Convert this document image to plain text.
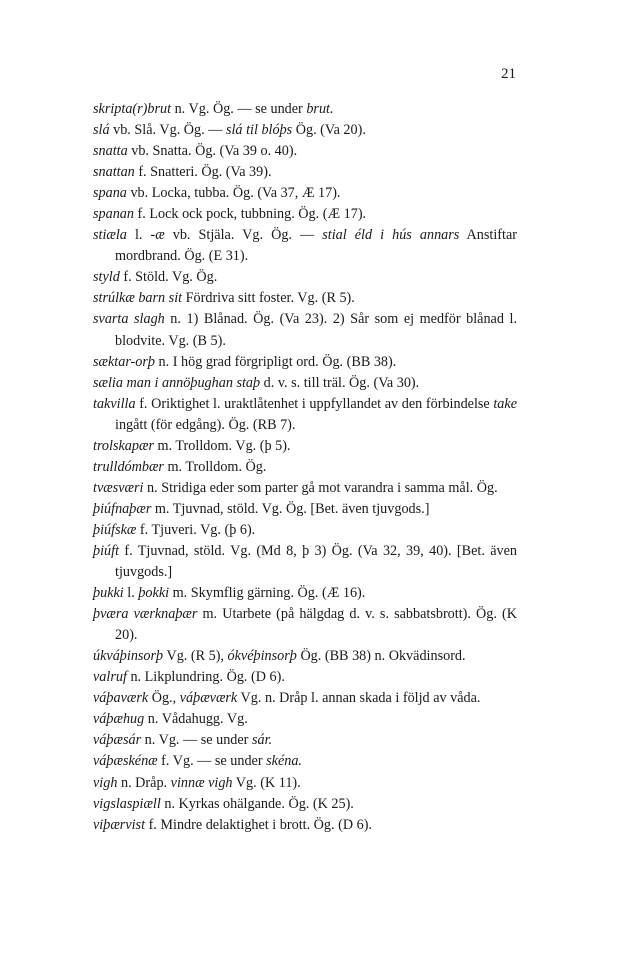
21
skripta(r)brut n. Vg. Ög. — se under brut.
slá vb. Slå. Vg. Ög. — slá til blóþs Ög. (Va 20).
snatta vb. Snatta. Ög. (Va 39 o. 40).
snattan f. Snatteri. Ög. (Va 39).
spana vb. Locka, tubba. Ög. (Va 37, Æ 17).
spanan f. Lock ock pock, tubbning. Ög. (Æ 17).
stiæla l. -æ vb. Stjäla. Vg. Ög. — stial éld i hús annars Anstiftar mordbrand. Ög. (E 31).
styld f. Stöld. Vg. Ög.
strúlkæ barn sit Fördriva sitt foster. Vg. (R 5).
svarta slagh n. 1) Blånad. Ög. (Va 23). 2) Sår som ej medför blånad l. blodvite. Vg. (B 5).
sæktar-orþ n. I hög grad förgripligt ord. Ög. (BB 38).
sælia man i annöþughan staþ d. v. s. till träl. Ög. (Va 30).
takvilla f. Oriktighet l. uraktlåtenhet i uppfyllandet av den förbindelse take ingått (för edgång). Ög. (RB 7).
trolskapær m. Trolldom. Vg. (þ 5).
trulldómbær m. Trolldom. Ög.
tvæsværi n. Stridiga eder som parter gå mot varandra i samma mål. Ög.
þiúfnaþær m. Tjuvnad, stöld. Vg. Ög. [Bet. även tjuvgods.]
þiúfskæ f. Tjuveri. Vg. (þ 6).
þiúft f. Tjuvnad, stöld. Vg. (Md 8, þ 3) Ög. (Va 32, 39, 40). [Bet. även tjuvgods.]
þukki l. þokki m. Skymflig gärning. Ög. (Æ 16).
þværa værknaþær m. Utarbete (på hälgdag d. v. s. sabbatsbrott). Ög. (K 20).
úkváþinsorþ Vg. (R 5), ókvéþinsorþ Ög. (BB 38) n. Okvädinsord.
valruf n. Likplundring. Ög. (D 6).
váþaværk Ög., váþæværk Vg. n. Dråp l. annan skada i följd av våda.
váþæhug n. Vådahugg. Vg.
váþæsár n. Vg. — se under sár.
váþæskénæ f. Vg. — se under skéna.
vigh n. Dråp. vinnæ vigh Vg. (K 11).
vigslaspiæll n. Kyrkas ohälgande. Ög. (K 25).
viþærvist f. Mindre delaktighet i brott. Ög. (D 6).
